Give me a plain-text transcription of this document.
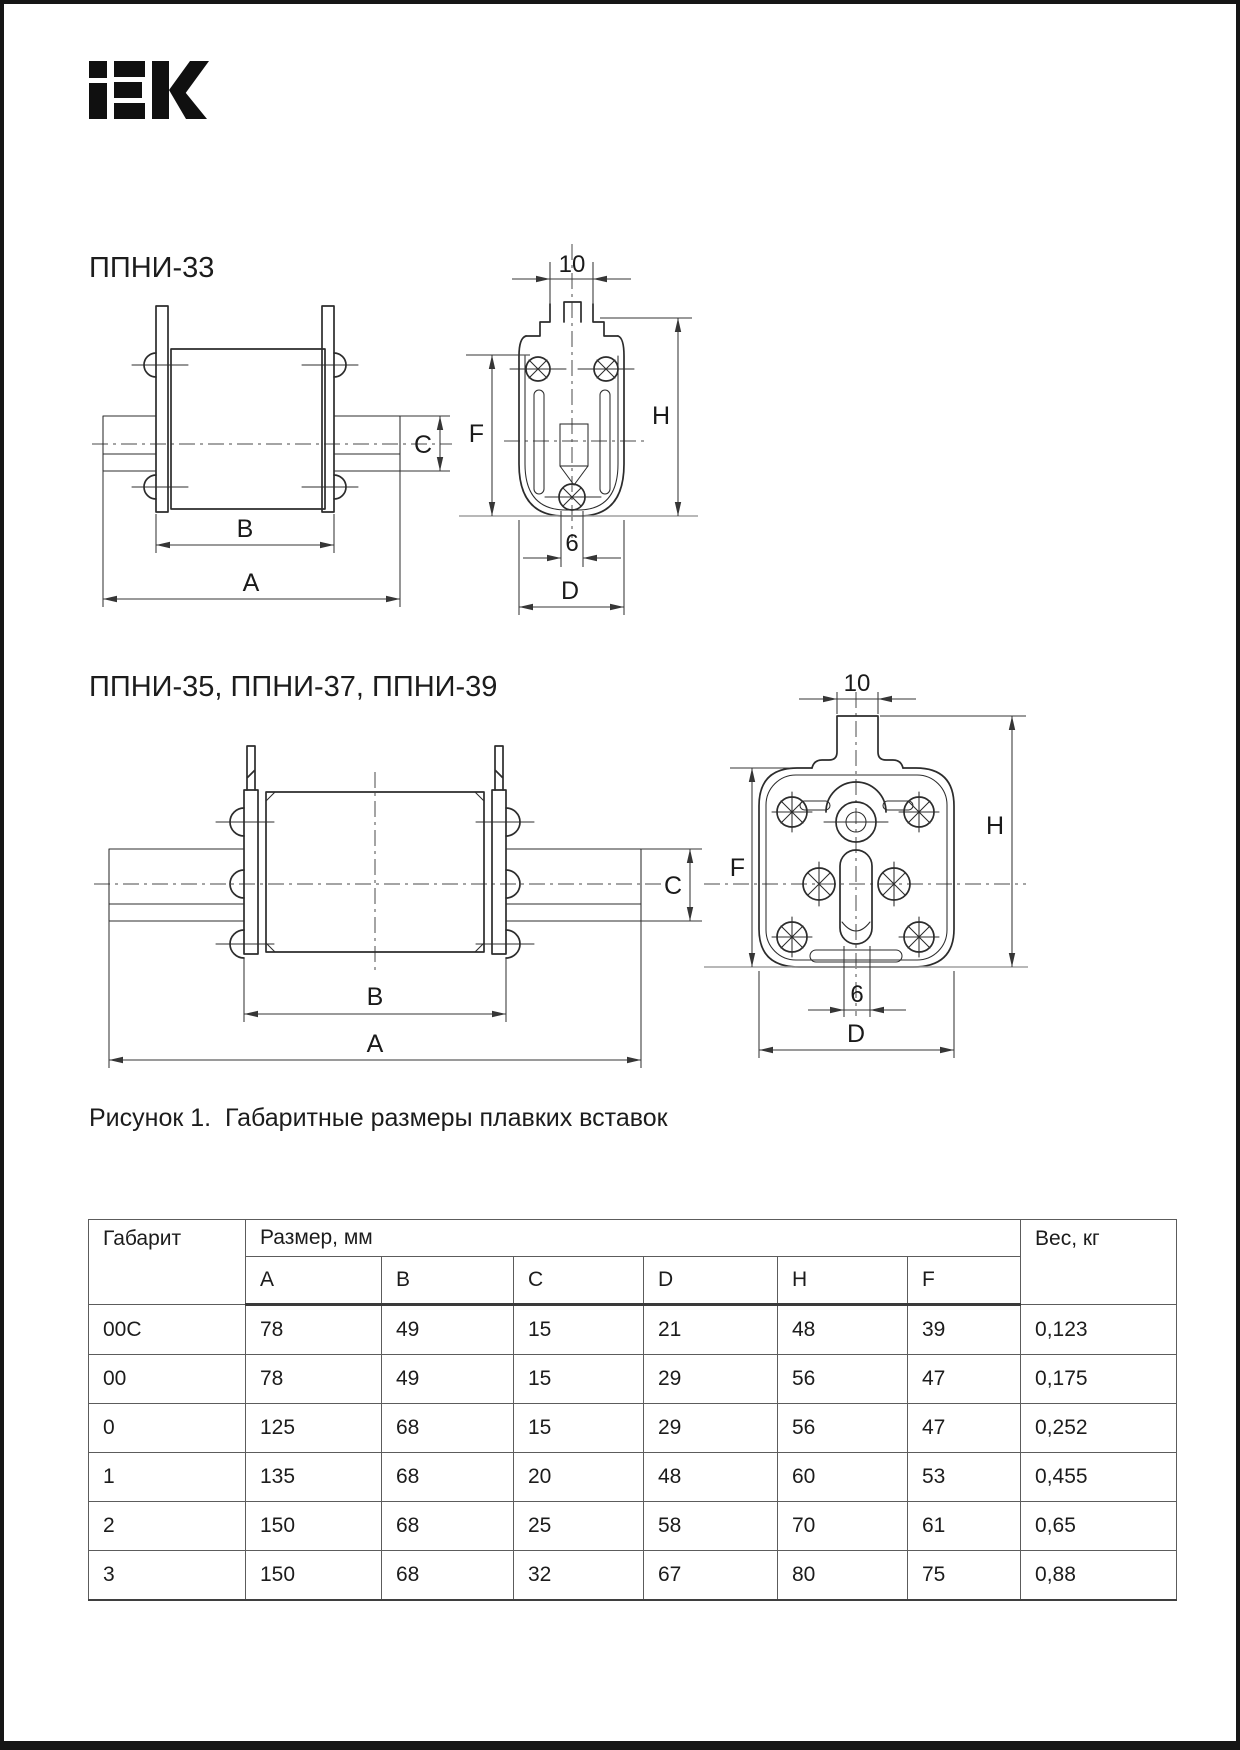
ППНИ-33
ППНИ-35, ППНИ-37, ППНИ-39
C
B
A
10
F
H
6
D
C
B
A
10
F
H
6
D
Рисунок 1.  Габаритные размеры плавких вставок
Габарит	Размер, мм						Вес, кг
	A	B	C	D	H	F	
00C	78	49	15	21	48	39	0,123
00	78	49	15	29	56	47	0,175
0	125	68	15	29	56	47	0,252
1	135	68	20	48	60	53	0,455
2	150	68	25	58	70	61	0,65
3	150	68	32	67	80	75	0,88
